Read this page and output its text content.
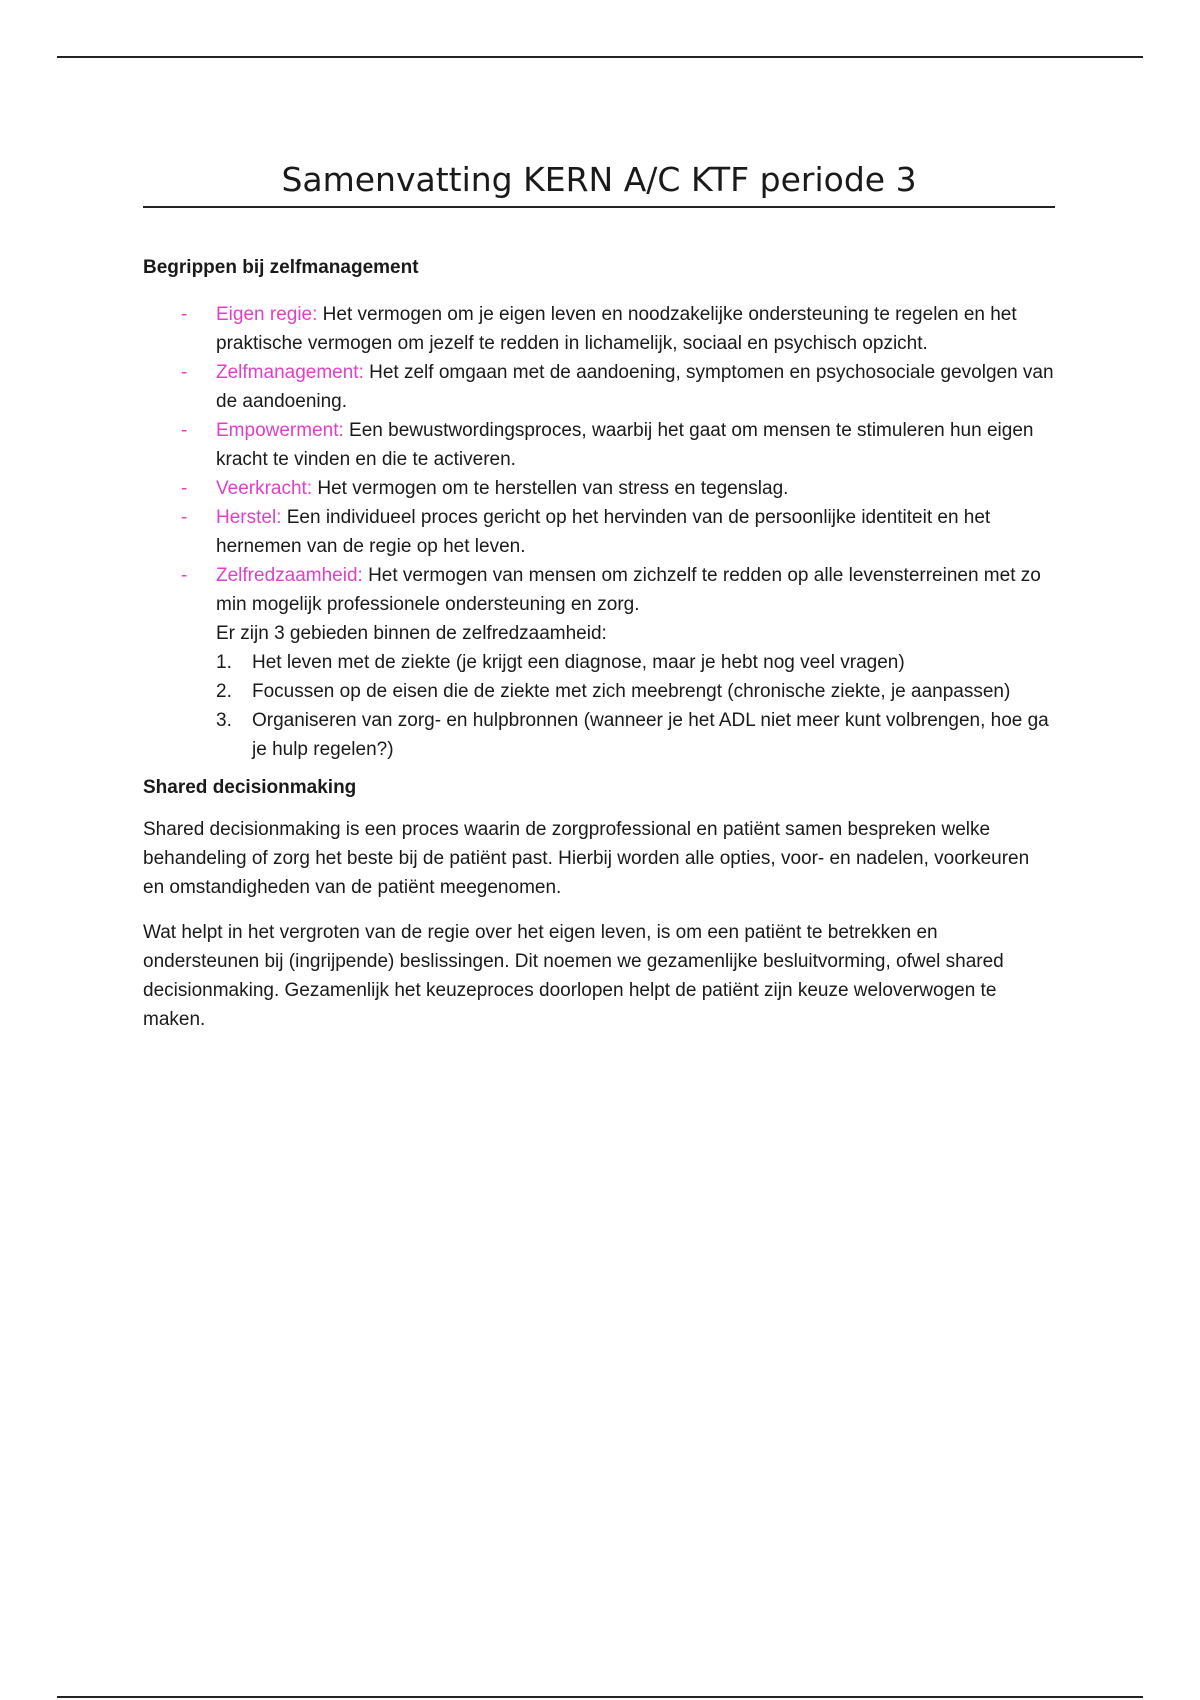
Samenvatting KERN A/C KTF periode 3
Begrippen bij zelfmanagement
- Eigen regie: Het vermogen om je eigen leven en noodzakelijke ondersteuning te regelen en het praktische vermogen om jezelf te redden in lichamelijk, sociaal en psychisch opzicht.
- Zelfmanagement: Het zelf omgaan met de aandoening, symptomen en psychosociale gevolgen van de aandoening.
- Empowerment: Een bewustwordingsproces, waarbij het gaat om mensen te stimuleren hun eigen kracht te vinden en die te activeren.
- Veerkracht: Het vermogen om te herstellen van stress en tegenslag.
- Herstel: Een individueel proces gericht op het hervinden van de persoonlijke identiteit en het hernemen van de regie op het leven.
- Zelfredzaamheid: Het vermogen van mensen om zichzelf te redden op alle levensterreinen met zo min mogelijk professionele ondersteuning en zorg.
Er zijn 3 gebieden binnen de zelfredzaamheid:
1. Het leven met de ziekte (je krijgt een diagnose, maar je hebt nog veel vragen)
2. Focussen op de eisen die de ziekte met zich meebrengt (chronische ziekte, je aanpassen)
3. Organiseren van zorg- en hulpbronnen (wanneer je het ADL niet meer kunt volbrengen, hoe ga je hulp regelen?)
Shared decisionmaking

Shared decisionmaking is een proces waarin de zorgprofessional en patiënt samen bespreken welke behandeling of zorg het beste bij de patiënt past. Hierbij worden alle opties, voor- en nadelen, voorkeuren en omstandigheden van de patiënt meegenomen.

Wat helpt in het vergroten van de regie over het eigen leven, is om een patiënt te betrekken en ondersteunen bij (ingrijpende) beslissingen. Dit noemen we gezamenlijke besluitvorming, ofwel shared decisionmaking. Gezamenlijk het keuzeproces doorlopen helpt de patiënt zijn keuze weloverwogen te maken.
